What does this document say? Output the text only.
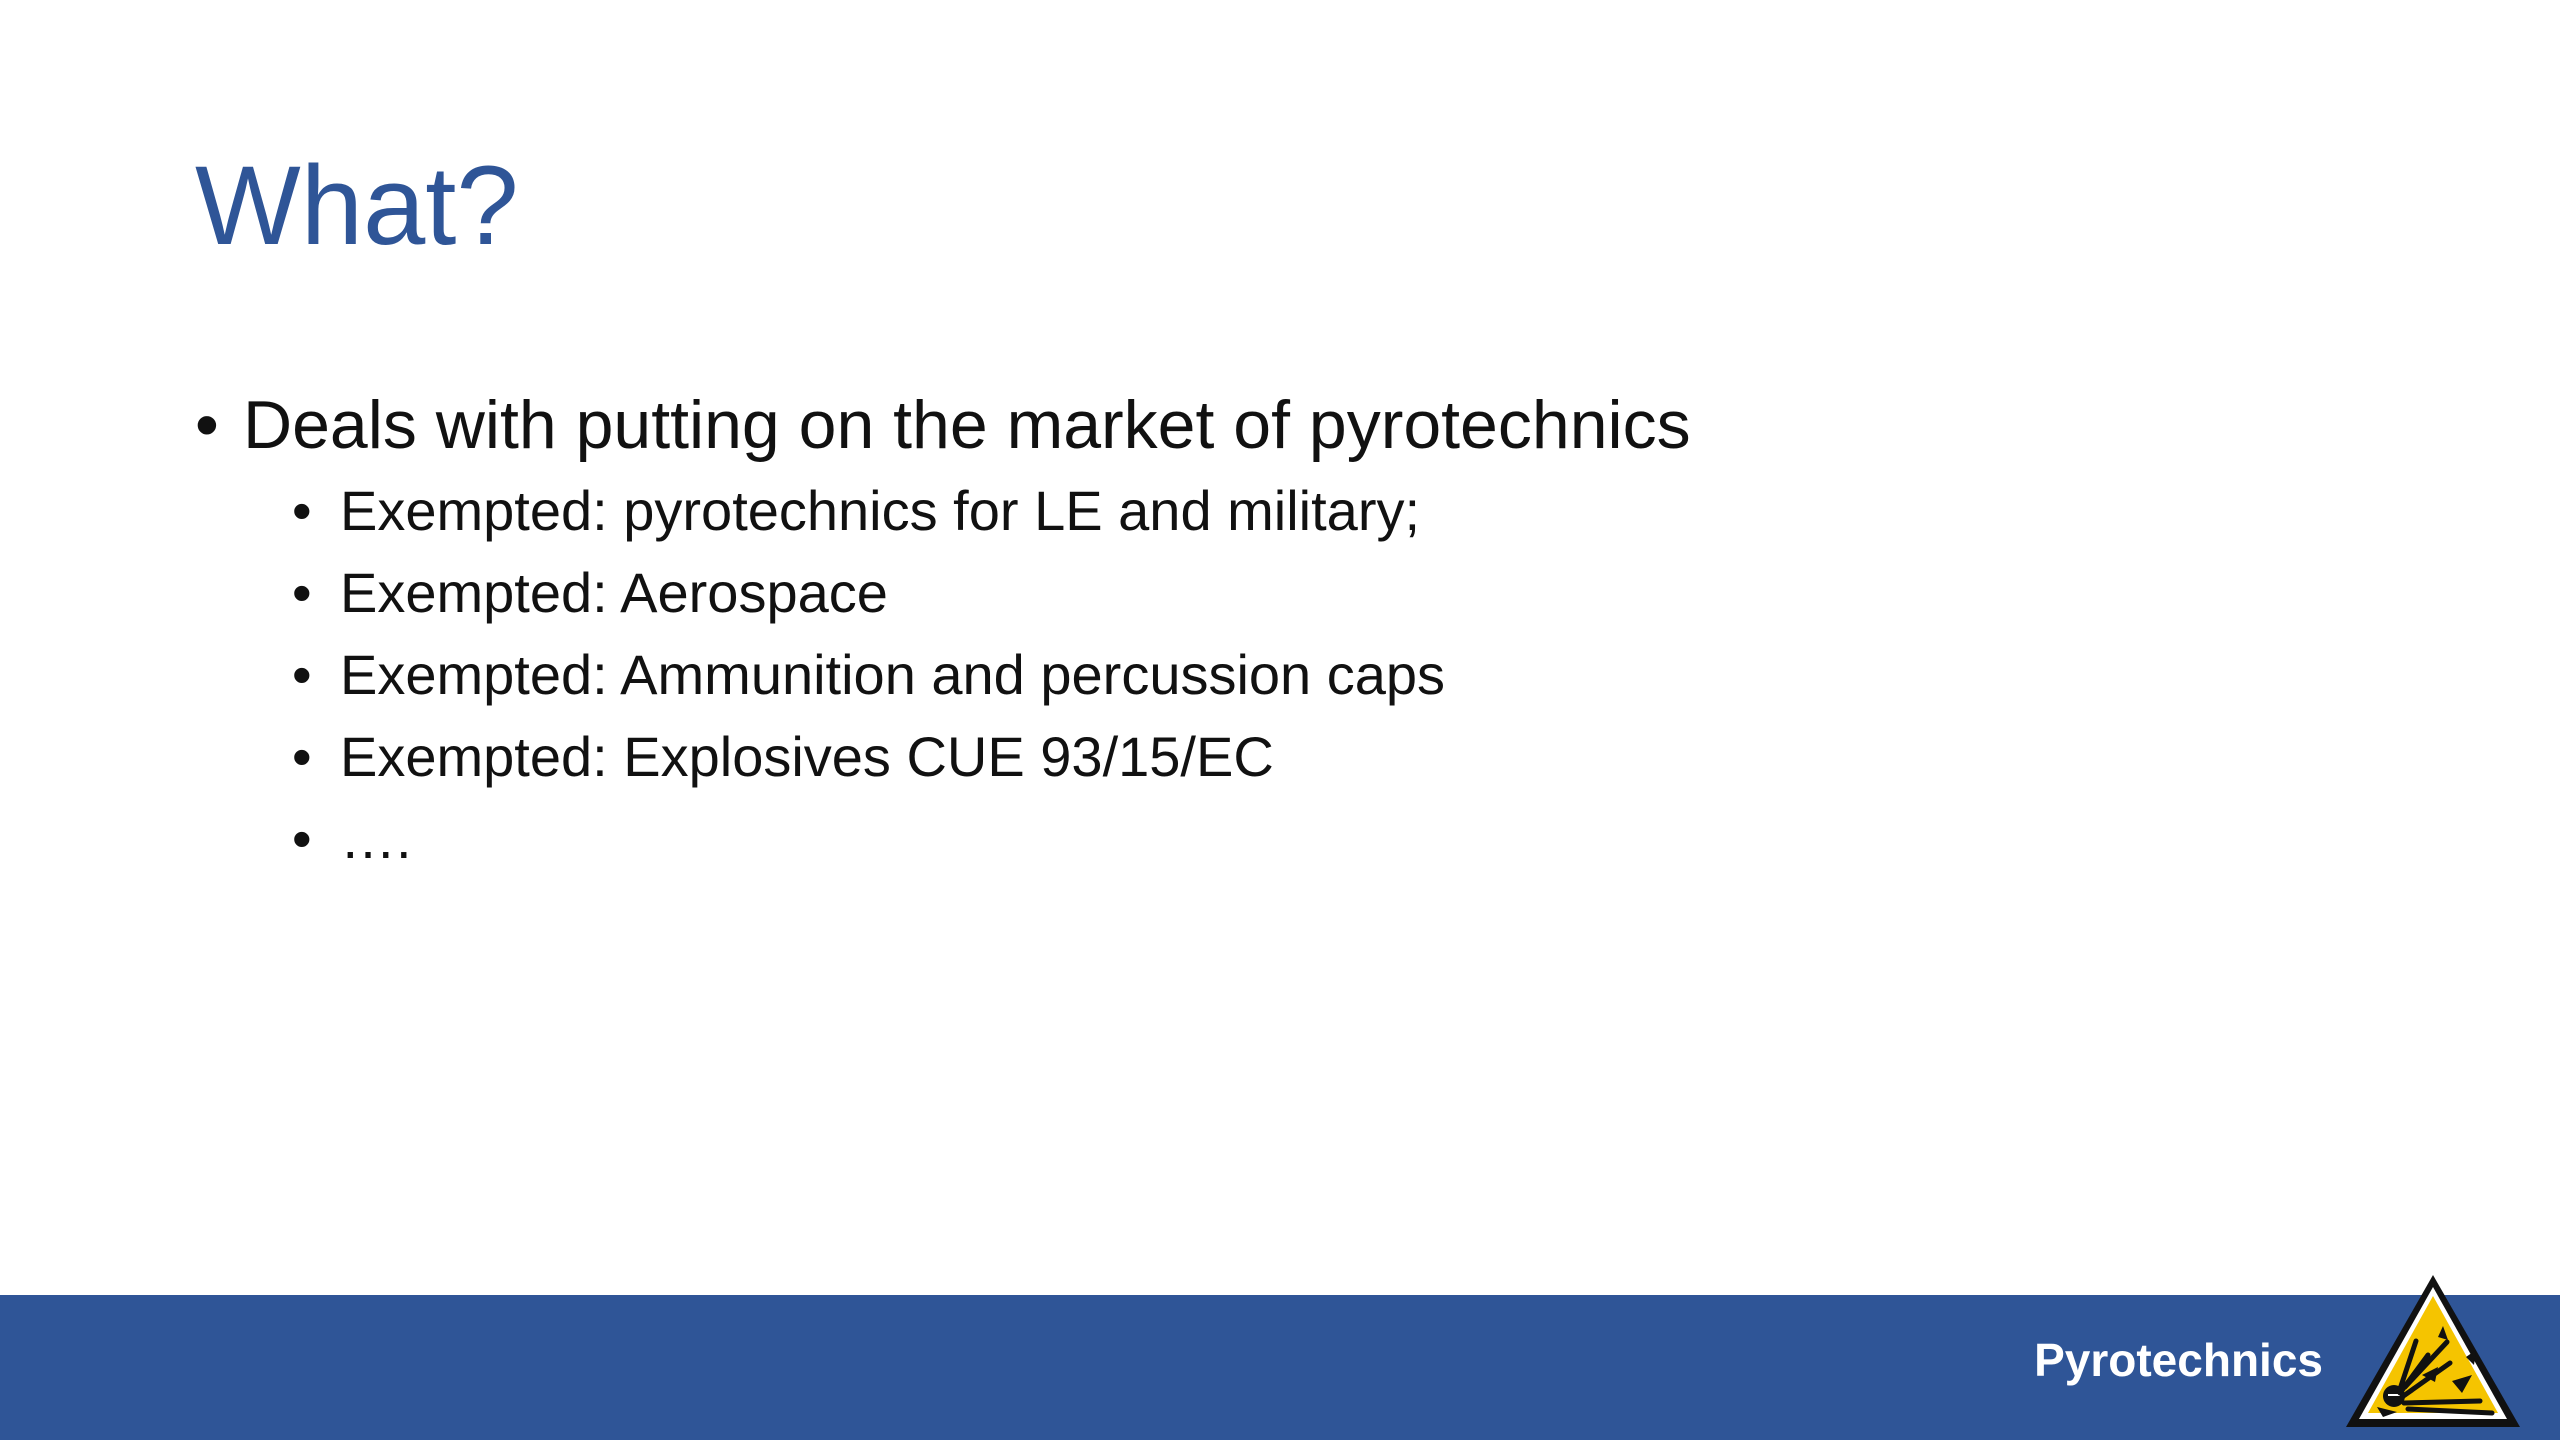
What?
• Deals with putting on the market of pyrotechnics
• Exempted: pyrotechnics for LE and military;
• Exempted: Aerospace
• Exempted: Ammunition and percussion caps
• Exempted: Explosives CUE 93/15/EC
• ….
Pyrotechnics
